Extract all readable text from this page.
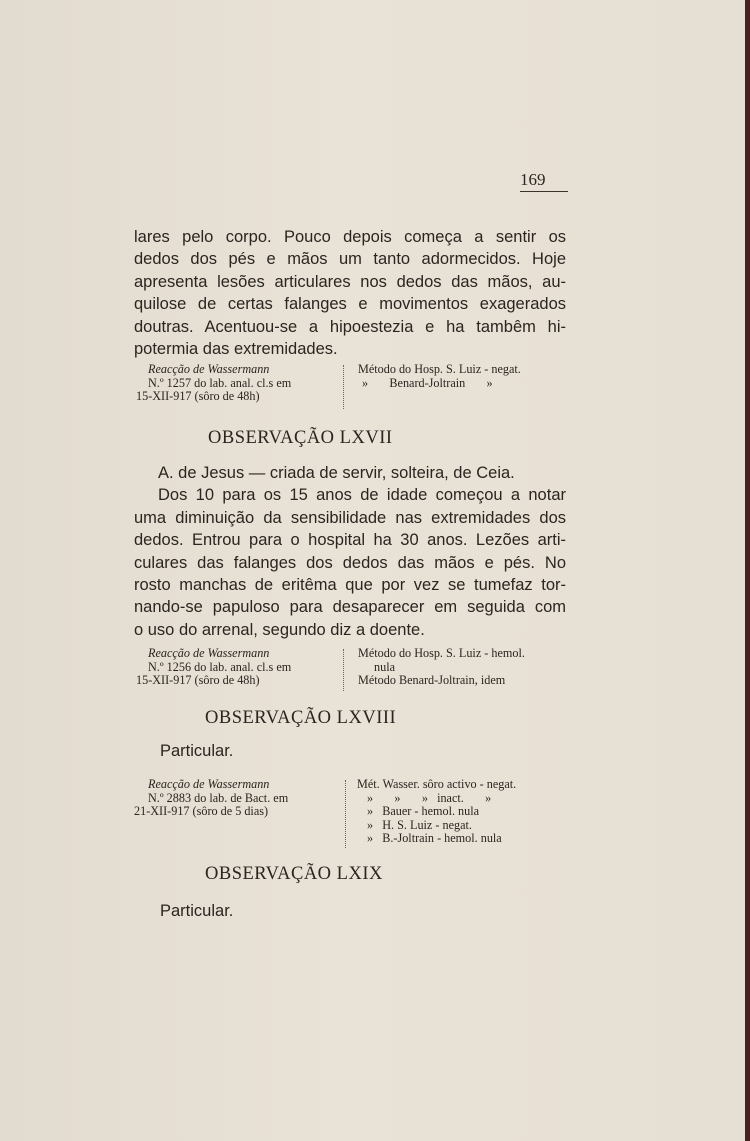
169
lares pelo corpo. Pouco depois começa a sentir os
dedos dos pés e mãos um tanto adormecidos. Hoje
apresenta lesões articulares nos dedos das mãos, au-
quilose de certas falanges e movimentos exagerados
doutras. Acentuou-se a hipoestezia e ha tambêm hi-
potermia das extremidades.
Reacção de Wassermann
N.º 1257 do lab. anal. cl.s em
15-XII-917 (sôro de 48h)
Método do Hosp. S. Luiz - negat.
»       Benard-Joltrain       »
OBSERVAÇÃO LXVII
A. de Jesus — criada de servir, solteira, de Ceia.
Dos 10 para os 15 anos de idade começou a notar
uma diminuição da sensibilidade nas extremidades dos
dedos. Entrou para o hospital ha 30 anos. Lezões arti-
culares das falanges dos dedos das mãos e pés. No
rosto manchas de eritêma que por vez se tumefaz tor-
nando-se papuloso para desaparecer em seguida com
o uso do arrenal, segundo diz a doente.
Reacção de Wassermann
N.º 1256 do lab. anal. cl.s em
15-XII-917 (sôro de 48h)
Método do Hosp. S. Luiz - hemol.
nula
Método Benard-Joltrain, idem
OBSERVAÇÃO LXVIII
Particular.
Reacção de Wassermann
N.º 2883 do lab. de Bact. em
21-XII-917 (sôro de 5 dias)
Mét. Wasser. sôro activo - negat.
»       »       »   inact.       »
»   Bauer - hemol. nula
»   H. S. Luiz - negat.
»   B.-Joltrain - hemol. nula
OBSERVAÇÃO LXIX
Particular.
